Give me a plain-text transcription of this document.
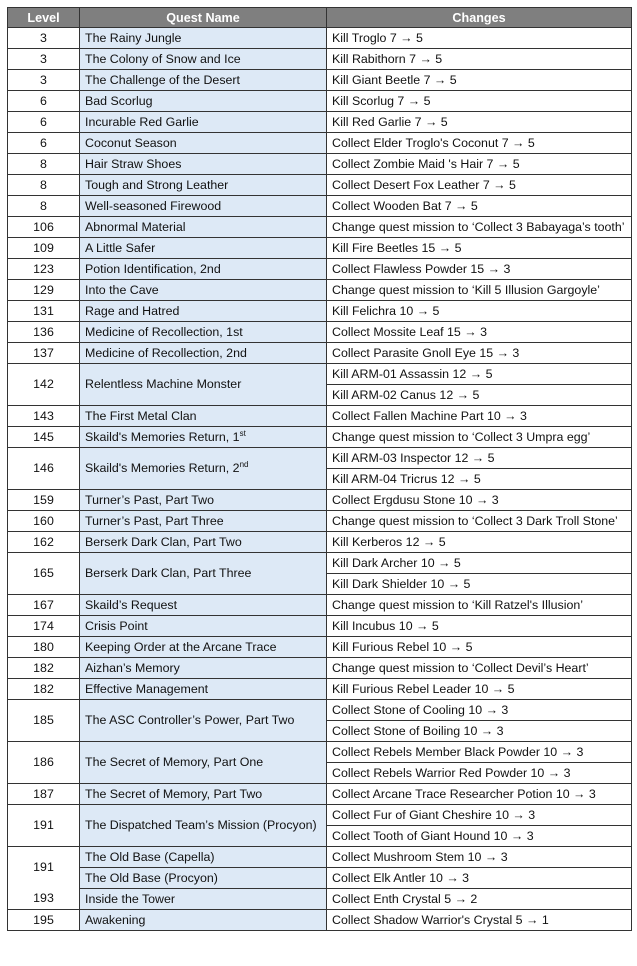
Level	Quest Name	Changes
3	The Rainy Jungle	Kill Troglo 7 → 5
3	The Colony of Snow and Ice	Kill Rabithorn 7 → 5
3	The Challenge of the Desert	Kill Giant Beetle 7 → 5
6	Bad Scorlug	Kill Scorlug 7 → 5
6	Incurable Red Garlie	Kill Red Garlie 7 → 5
6	Coconut Season	Collect Elder Troglo's Coconut 7 → 5
8	Hair Straw Shoes	Collect Zombie Maid 's Hair 7 → 5
8	Tough and Strong Leather	Collect Desert Fox Leather 7 → 5
8	Well-seasoned Firewood	Collect Wooden Bat 7 → 5
106	Abnormal Material	Change quest mission to ‘Collect 3 Babayaga’s tooth’
109	A Little Safer	Kill Fire Beetles 15 → 5
123	Potion Identification, 2nd	Collect Flawless Powder 15 → 3
129	Into the Cave	Change quest mission to ‘Kill 5 Illusion Gargoyle’
131	Rage and Hatred	Kill Felichra 10 → 5
136	Medicine of Recollection, 1st	Collect Mossite Leaf 15 → 3
137	Medicine of Recollection, 2nd	Collect Parasite Gnoll Eye 15 → 3
142	Relentless Machine Monster	Kill ARM-01 Assassin 12 → 5
		Kill ARM-02 Canus 12 → 5
143	The First Metal Clan	Collect Fallen Machine Part 10 → 3
145	Skaild's Memories Return, 1st	Change quest mission to ‘Collect 3 Umpra egg’
146	Skaild's Memories Return, 2nd	Kill ARM-03 Inspector 12 → 5
		Kill ARM-04 Tricrus 12 → 5
159	Turner’s Past, Part Two	Collect Ergdusu Stone 10 → 3
160	Turner’s Past, Part Three	Change quest mission to ‘Collect 3 Dark Troll Stone’
162	Berserk Dark Clan, Part Two	Kill Kerberos 12 → 5
165	Berserk Dark Clan, Part Three	Kill Dark Archer 10 → 5
		Kill Dark Shielder 10 → 5
167	Skaild’s Request	Change quest mission to ‘Kill Ratzel's Illusion’
174	Crisis Point	Kill Incubus 10 → 5
180	Keeping Order at the Arcane Trace	Kill Furious Rebel 10 → 5
182	Aizhan’s Memory	Change quest mission to ‘Collect Devil’s Heart’
182	Effective Management	Kill Furious Rebel Leader 10 → 5
185	The ASC Controller’s Power, Part Two	Collect Stone of Cooling 10 → 3
		Collect Stone of Boiling 10 → 3
186	The Secret of Memory, Part One	Collect Rebels Member Black Powder 10 → 3
		Collect Rebels Warrior Red Powder 10 → 3
187	The Secret of Memory, Part Two	Collect Arcane Trace Researcher Potion 10 → 3
191	The Dispatched Team’s Mission (Procyon)	Collect Fur of Giant Cheshire 10 → 3
		Collect Tooth of Giant Hound 10 → 3
191	The Old Base (Capella)	Collect Mushroom Stem 10 → 3
	The Old Base (Procyon)	Collect Elk Antler 10 → 3
193	Inside the Tower	Collect Enth Crystal 5 → 2
195	Awakening	Collect Shadow Warrior's Crystal 5 → 1
